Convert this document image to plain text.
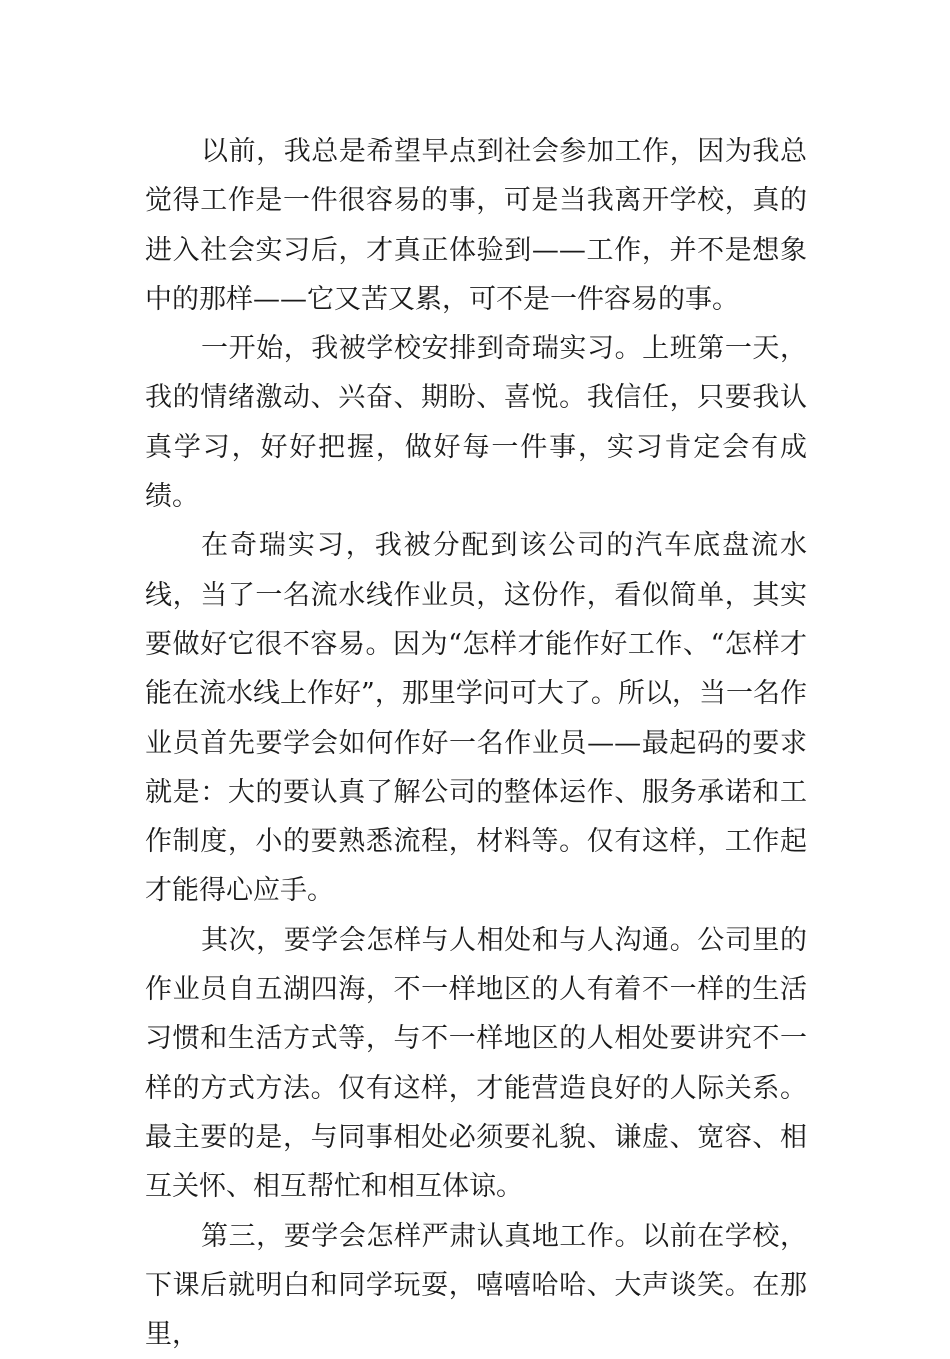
以前，我总是希望早点到社会参加工作，因为我总觉得工作是一件很容易的事，可是当我离开学校，真的进入社会实习后，才真正体验到——工作，并不是想象中的那样——它又苦又累，可不是一件容易的事。

一开始，我被学校安排到奇瑞实习。上班第一天，我的情绪激动、兴奋、期盼、喜悦。我信任，只要我认真学习，好好把握，做好每一件事，实习肯定会有成绩。

在奇瑞实习，我被分配到该公司的汽车底盘流水线，当了一名流水线作业员，这份作，看似简单，其实要做好它很不容易。因为“怎样才能作好工作、“怎样才能在流水线上作好”，那里学问可大了。所以，当一名作业员首先要学会如何作好一名作业员——最起码的要求就是：大的要认真了解公司的整体运作、服务承诺和工作制度，小的要熟悉流程，材料等。仅有这样，工作起才能得心应手。

其次，要学会怎样与人相处和与人沟通。公司里的作业员自五湖四海，不一样地区的人有着不一样的生活习惯和生活方式等，与不一样地区的人相处要讲究不一样的方式方法。仅有这样，才能营造良好的人际关系。最主要的是，与同事相处必须要礼貌、谦虚、宽容、相互关怀、相互帮忙和相互体谅。

第三，要学会怎样严肃认真地工作。以前在学校，下课后就明白和同学玩耍，嘻嘻哈哈、大声谈笑。在那里，
